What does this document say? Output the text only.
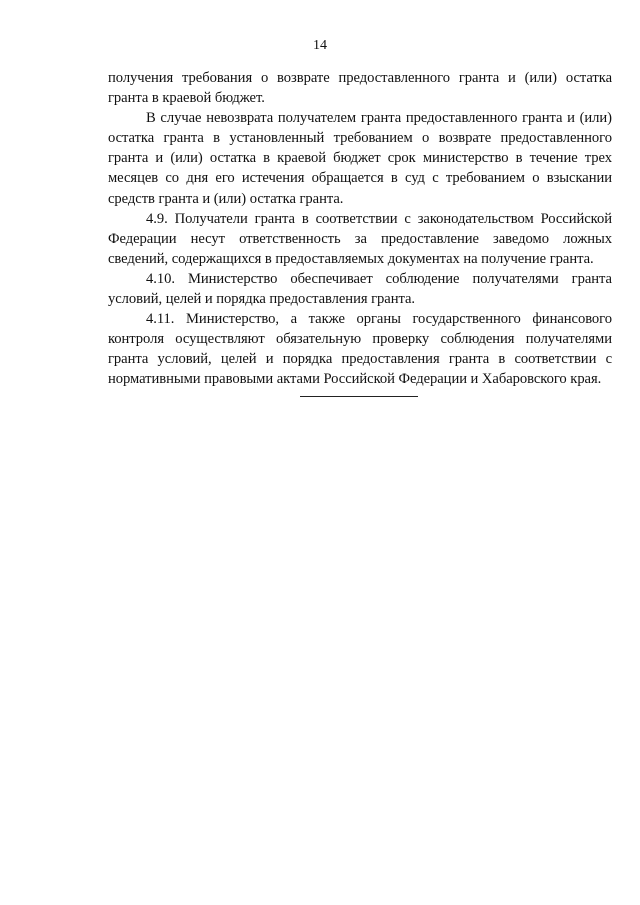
14

получения требования о возврате предоставленного гранта и (или) остатка гранта в краевой бюджет.

В случае невозврата получателем гранта предоставленного гранта и (или) остатка гранта в установленный требованием о возврате предоставленного гранта и (или) остатка в краевой бюджет срок министерство в течение трех месяцев со дня его истечения обращается в суд с требованием о взыскании средств гранта и (или) остатка гранта.

4.9. Получатели гранта в соответствии с законодательством Российской Федерации несут ответственность за предоставление заведомо ложных сведений, содержащихся в предоставляемых документах на получение гранта.

4.10. Министерство обеспечивает соблюдение получателями гранта условий, целей и порядка предоставления гранта.

4.11. Министерство, а также органы государственного финансового контроля осуществляют обязательную проверку соблюдения получателями гранта условий, целей и порядка предоставления гранта в соответствии с нормативными правовыми актами Российской Федерации и Хабаровского края.
